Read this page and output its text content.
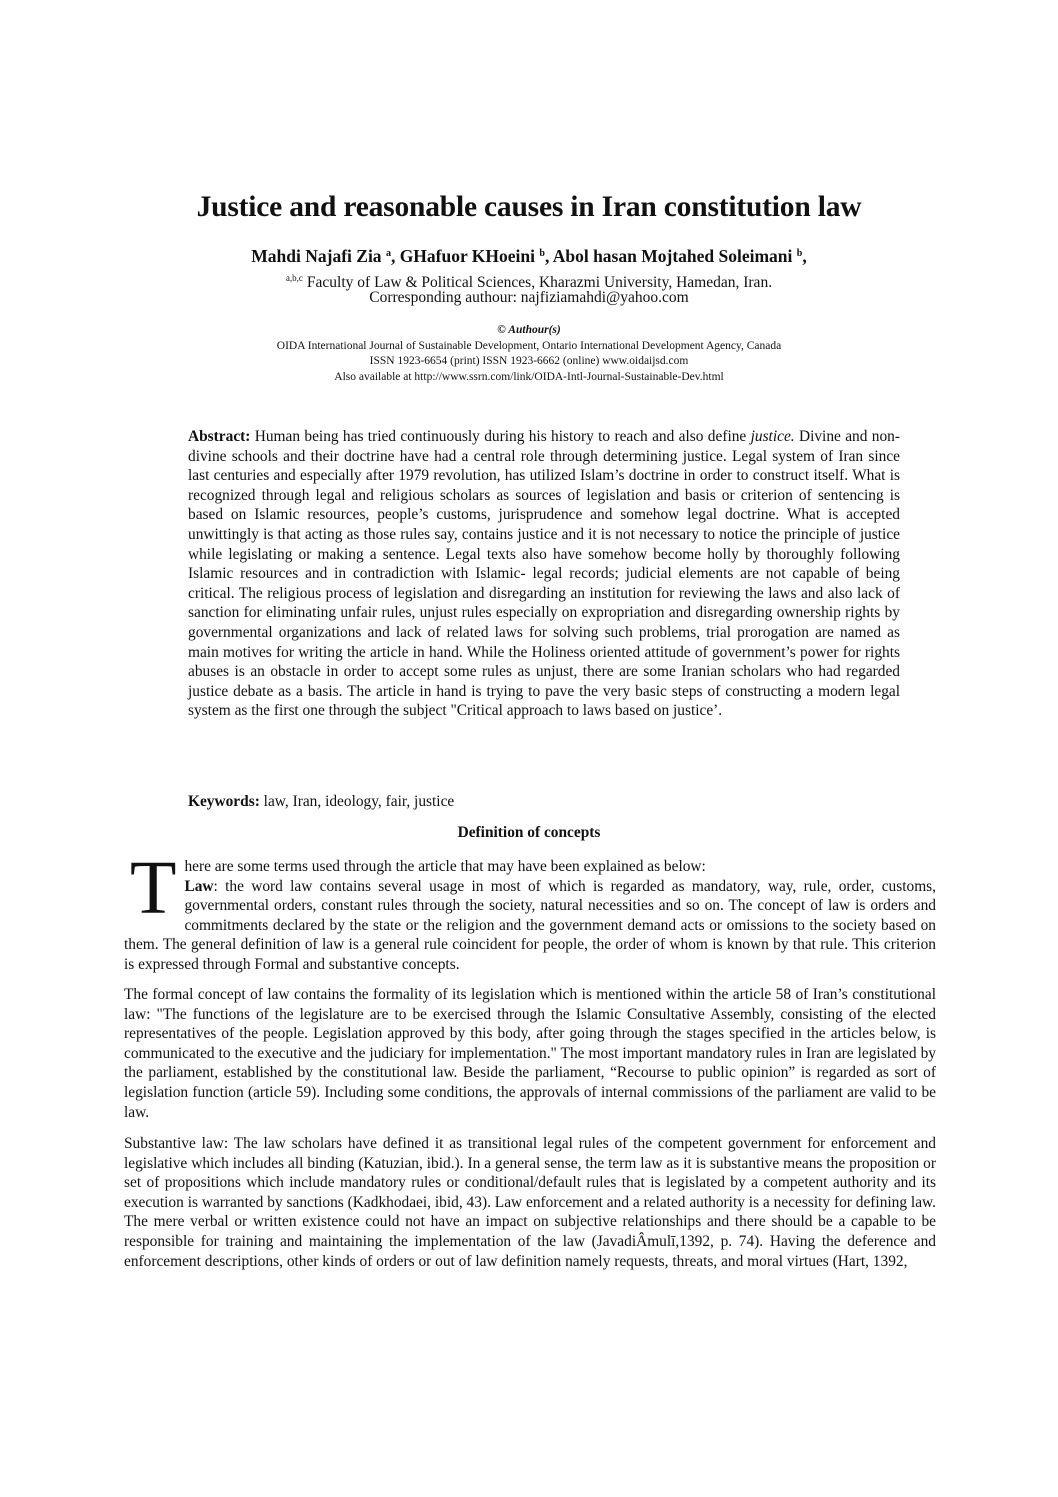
Justice and reasonable causes in Iran constitution law
Mahdi Najafi Zia $^a$, GHafuor KHoeini $^b$, Abol hasan Mojtahed Soleimani $^b$,
$^{a,b,c}$ Faculty of Law & Political Sciences, Kharazmi University, Hamedan, Iran.
Corresponding authour: najfiziamahdi@yahoo.com
© Authour(s)
OIDA International Journal of Sustainable Development, Ontario International Development Agency, Canada
ISSN 1923-6654 (print) ISSN 1923-6662 (online) www.oidaijsd.com
Also available at http://www.ssrn.com/link/OIDA-Intl-Journal-Sustainable-Dev.html
Abstract: Human being has tried continuously during his history to reach and also define justice. Divine and non-divine schools and their doctrine have had a central role through determining justice. Legal system of Iran since last centuries and especially after 1979 revolution, has utilized Islam’s doctrine in order to construct itself. What is recognized through legal and religious scholars as sources of legislation and basis or criterion of sentencing is based on Islamic resources, people’s customs, jurisprudence and somehow legal doctrine. What is accepted unwittingly is that acting as those rules say, contains justice and it is not necessary to notice the principle of justice while legislating or making a sentence. Legal texts also have somehow become holly by thoroughly following Islamic resources and in contradiction with Islamic- legal records; judicial elements are not capable of being critical. The religious process of legislation and disregarding an institution for reviewing the laws and also lack of sanction for eliminating unfair rules, unjust rules especially on expropriation and disregarding ownership rights by governmental organizations and lack of related laws for solving such problems, trial prorogation are named as main motives for writing the article in hand. While the Holiness oriented attitude of government’s power for rights abuses is an obstacle in order to accept some rules as unjust, there are some Iranian scholars who had regarded justice debate as a basis. The article in hand is trying to pave the very basic steps of constructing a modern legal system as the first one through the subject "Critical approach to laws based on justice’.
Keywords: law, Iran, ideology, fair, justice
Definition of concepts
There are some terms used through the article that may have been explained as below:
Law: the word law contains several usage in most of which is regarded as mandatory, way, rule, order, customs, governmental orders, constant rules through the society, natural necessities and so on. The concept of law is orders and commitments declared by the state or the religion and the government demand acts or omissions to the society based on them. The general definition of law is a general rule coincident for people, the order of whom is known by that rule. This criterion is expressed through Formal and substantive concepts.
The formal concept of law contains the formality of its legislation which is mentioned within the article 58 of Iran’s constitutional law: "The functions of the legislature are to be exercised through the Islamic Consultative Assembly, consisting of the elected representatives of the people. Legislation approved by this body, after going through the stages specified in the articles below, is communicated to the executive and the judiciary for implementation." The most important mandatory rules in Iran are legislated by the parliament, established by the constitutional law. Beside the parliament, “Recourse to public opinion” is regarded as sort of legislation function (article 59). Including some conditions, the approvals of internal commissions of the parliament are valid to be law.
Substantive law: The law scholars have defined it as transitional legal rules of the competent government for enforcement and legislative which includes all binding (Katuzian, ibid.). In a general sense, the term law as it is substantive means the proposition or set of propositions which include mandatory rules or conditional/default rules that is legislated by a competent authority and its execution is warranted by sanctions (Kadkhodaei, ibid, 43). Law enforcement and a related authority is a necessity for defining law. The mere verbal or written existence could not have an impact on subjective relationships and there should be a capable to be responsible for training and maintaining the implementation of the law (JavadiÂmulī,1392, p. 74). Having the deference and enforcement descriptions, other kinds of orders or out of law definition namely requests, threats, and moral virtues (Hart, 1392,
